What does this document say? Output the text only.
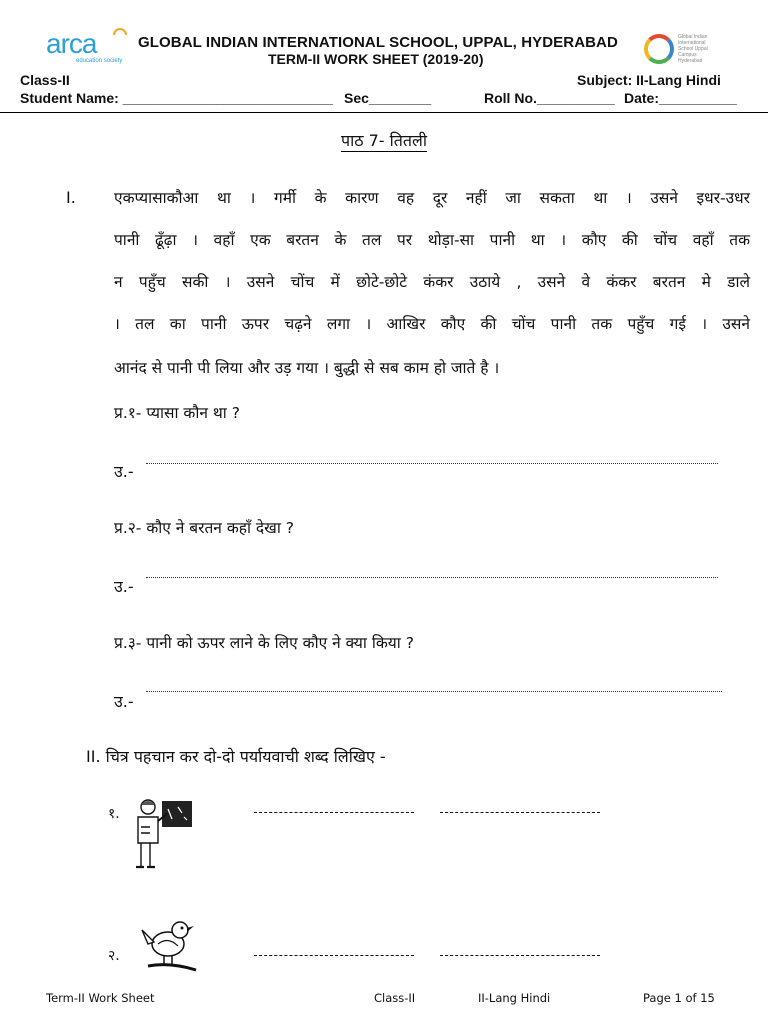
arca
education society
GLOBAL INDIAN INTERNATIONAL SCHOOL, UPPAL, HYDERABAD
TERM-II WORK SHEET (2019-20)
Global Indian International School Uppal Campus Hyderabad
Class-II	Subject: II-Lang Hindi
Student Name: ___________________________ Sec________	Roll No.__________ Date:__________
पाठ 7- तितली
I. एकप्यासाकौआ था । गर्मी के कारण वह दूर नहीं जा सकता था । उसने इधर-उधर
पानी ढूँढ़ा । वहाँ एक बरतन के तल पर थोड़ा-सा पानी था । कौए की चोंच वहाँ तक
न पहुँच सकी । उसने चोंच में छोटे-छोटे कंकर उठाये , उसने वे कंकर बरतन मे डाले
। तल का पानी ऊपर चढ़ने लगा । आखिर कौए की चोंच पानी तक पहुँच गई । उसने
आनंद से पानी पी लिया और उड़ गया । बुद्धी से सब काम हो जाते है ।
प्र.१- प्यासा कौन था ?
उ.-
प्र.२- कौए ने बरतन कहाँ देखा ?
उ.-
प्र.३- पानी को ऊपर लाने के लिए कौए ने क्या किया ?
उ.-
II. चित्र पहचान कर दो-दो पर्यायवाची शब्द लिखिए -
१.
२.
Term-II Work Sheet	Class-II	II-Lang Hindi	Page 1 of 15
